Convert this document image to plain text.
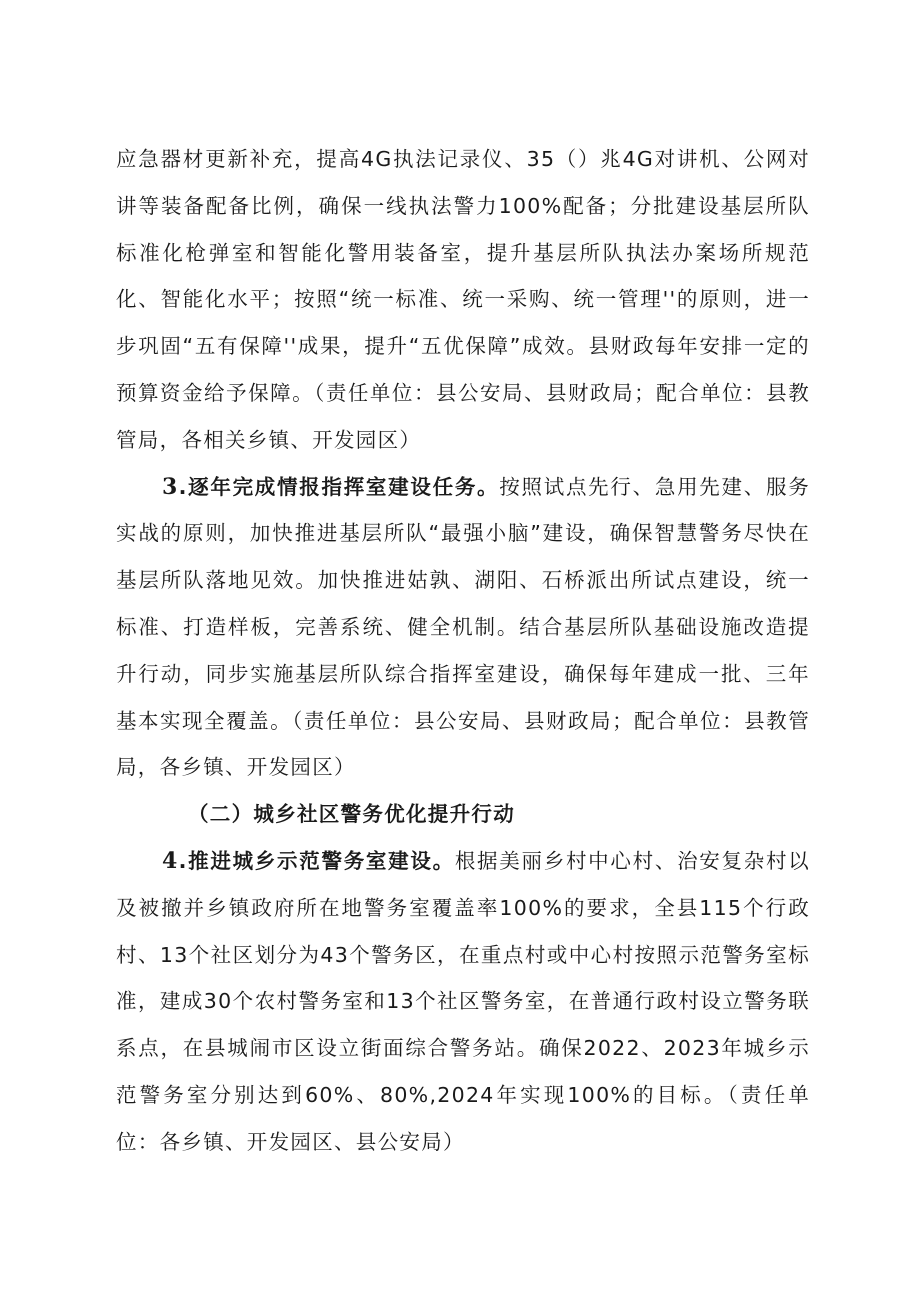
应急器材更新补充，提高4G执法记录仪、35（）兆4G对讲机、公网对讲等装备配备比例，确保一线执法警力100%配备；分批建设基层所队标准化枪弹室和智能化警用装备室，提升基层所队执法办案场所规范化、智能化水平；按照“统一标准、统一采购、统一管理''的原则，进一步巩固“五有保障''成果，提升“五优保障”成效。县财政每年安排一定的预算资金给予保障。（责任单位：县公安局、县财政局；配合单位：县教管局，各相关乡镇、开发园区）

3.逐年完成情报指挥室建设任务。按照试点先行、急用先建、服务实战的原则，加快推进基层所队“最强小脑”建设，确保智慧警务尽快在基层所队落地见效。加快推进姑孰、湖阳、石桥派出所试点建设，统一标准、打造样板，完善系统、健全机制。结合基层所队基础设施改造提升行动，同步实施基层所队综合指挥室建设，确保每年建成一批、三年基本实现全覆盖。（责任单位：县公安局、县财政局；配合单位：县教管局，各乡镇、开发园区）

（二）城乡社区警务优化提升行动

4.推进城乡示范警务室建设。根据美丽乡村中心村、治安复杂村以及被撤并乡镇政府所在地警务室覆盖率100%的要求，全县115个行政村、13个社区划分为43个警务区，在重点村或中心村按照示范警务室标准，建成30个农村警务室和13个社区警务室，在普通行政村设立警务联系点，在县城闹市区设立街面综合警务站。确保2022、2023年城乡示范警务室分别达到60%、80%,2024年实现100%的目标。（责任单位：各乡镇、开发园区、县公安局）
